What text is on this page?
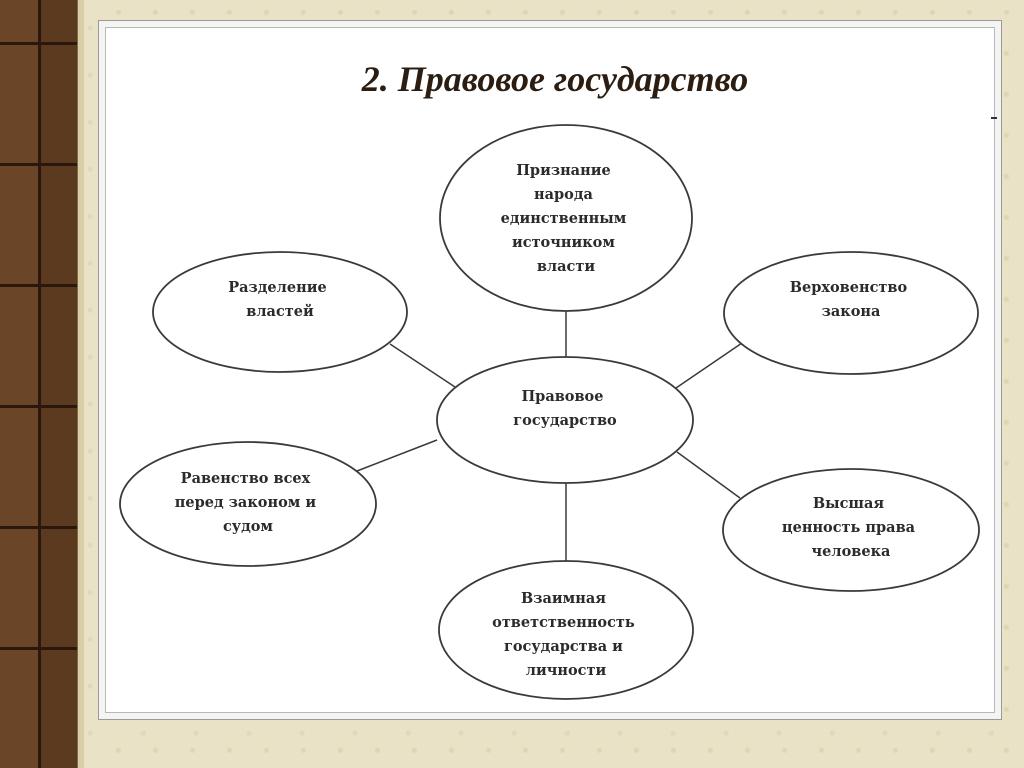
2. Правовое государство
Признание народа единственным источником власти
Разделение властей
Верховенство закона
Правовое государство
Равенство всех перед законом и судом
Высшая ценность права человека
Взаимная ответственность государства и личности
